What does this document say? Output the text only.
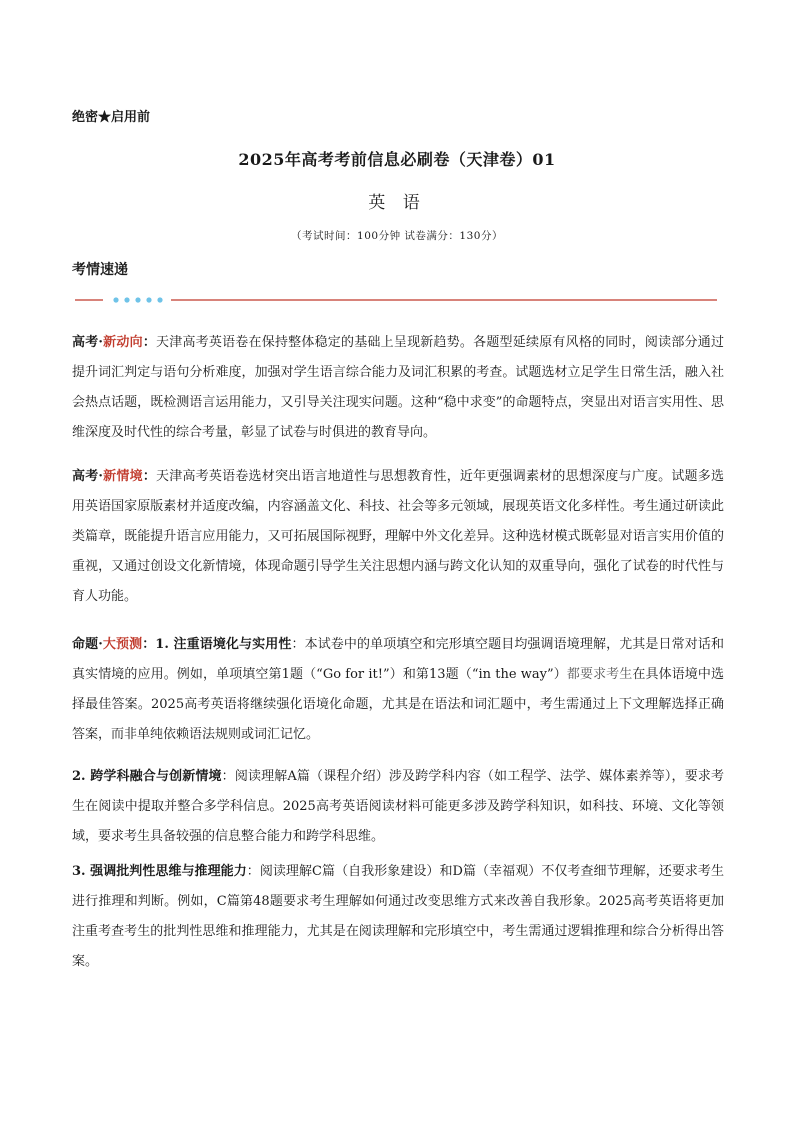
绝密★启用前
2025年高考考前信息必刷卷（天津卷）01
英 语
（考试时间：100分钟 试卷满分：130分）
考情速递
高考·新动向：天津高考英语卷在保持整体稳定的基础上呈现新趋势。各题型延续原有风格的同时，阅读部分通过提升词汇判定与语句分析难度，加强对学生语言综合能力及词汇积累的考查。试题选材立足学生日常生活，融入社会热点话题，既检测语言运用能力，又引导关注现实问题。这种“稳中求变”的命题特点，突显出对语言实用性、思维深度及时代性的综合考量，彰显了试卷与时俱进的教育导向。
高考·新情境：天津高考英语卷选材突出语言地道性与思想教育性，近年更强调素材的思想深度与广度。试题多选用英语国家原版素材并适度改编，内容涵盖文化、科技、社会等多元领域，展现英语文化多样性。考生通过研读此类篇章，既能提升语言应用能力，又可拓展国际视野，理解中外文化差异。这种选材模式既彰显对语言实用价值的重视，又通过创设文化新情境，体现命题引导学生关注思想内涵与跨文化认知的双重导向，强化了试卷的时代性与育人功能。
命题·大预测：1. 注重语境化与实用性：本试卷中的单项填空和完形填空题目均强调语境理解，尤其是日常对话和真实情境的应用。例如，单项填空第1题（“Go for it!”）和第13题（“in the way”）都要求考生在具体语境中选择最佳答案。2025高考英语将继续强化语境化命题，尤其是在语法和词汇题中，考生需通过上下文理解选择正确答案，而非单纯依赖语法规则或词汇记忆。
2. 跨学科融合与创新情境：阅读理解A篇（课程介绍）涉及跨学科内容（如工程学、法学、媒体素养等），要求考生在阅读中提取并整合多学科信息。2025高考英语阅读材料可能更多涉及跨学科知识，如科技、环境、文化等领域，要求考生具备较强的信息整合能力和跨学科思维。
3. 强调批判性思维与推理能力：阅读理解C篇（自我形象建设）和D篇（幸福观）不仅考查细节理解，还要求考生进行推理和判断。例如，C篇第48题要求考生理解如何通过改变思维方式来改善自我形象。2025高考英语将更加注重考查考生的批判性思维和推理能力，尤其是在阅读理解和完形填空中，考生需通过逻辑推理和综合分析得出答案。
